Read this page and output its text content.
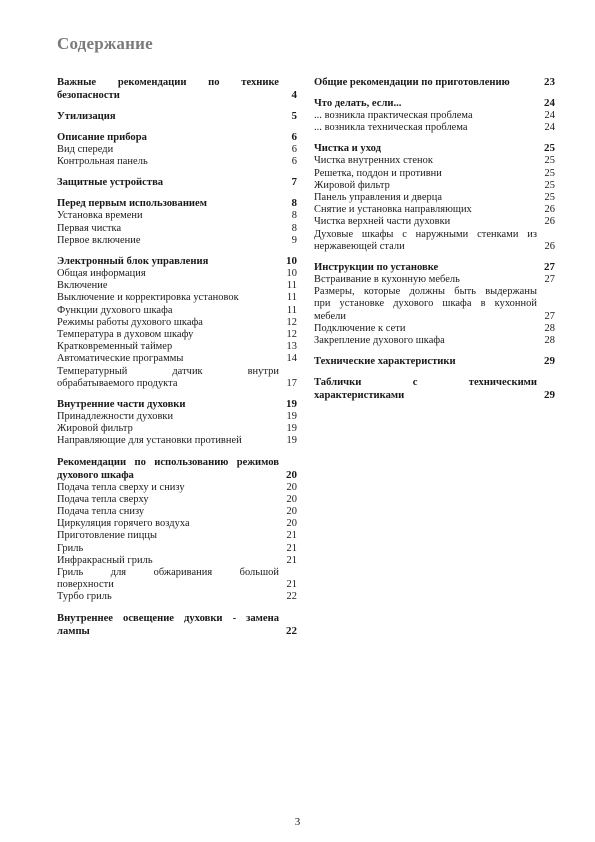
Содержание
Важные рекомендации по технике
безопасности	4
Утилизация	5
Описание прибора	6
Вид спереди	6
Контрольная панель	6
Защитные устройства	7
Перед первым использованием	8
Установка времени	8
Первая чистка	8
Первое включение	9
Электронный блок управления	10
Общая информация	10
Включение	11
Выключение и корректировка установок	11
Функции духового шкафа	11
Режимы работы духового шкафа	12
Температура в духовом шкафу	12
Кратковременный таймер	13
Автоматические программы	14
Температурный датчик внутри
обрабатываемого продукта	17
Внутренние части духовки	19
Принадлежности духовки	19
Жировой фильтр	19
Направляющие для установки противней	19
Рекомендации по использованию режимов
духового шкафа	20
Подача тепла сверху и снизу	20
Подача тепла сверху	20
Подача тепла снизу	20
Циркуляция горячего воздуха	20
Приготовление пиццы	21
Гриль	21
Инфракрасный гриль	21
Гриль для обжаривания большой
поверхности	21
Турбо гриль	22
Внутреннее освещение духовки - замена
лампы	22
Общие рекомендации по приготовлению	23
Что делать, если...	24
... возникла практическая проблема	24
... возникла техническая проблема	24
Чистка и уход	25
Чистка внутренних стенок	25
Решетка, поддон и противни	25
Жировой фильтр	25
Панель управления и дверца	25
Снятие и установка направляющих	26
Чистка верхней части духовки	26
Духовые шкафы с наружными стенками из
нержавеющей стали	26
Инструкции по установке	27
Встраивание в кухонную мебель	27
Размеры, которые должны быть выдержаны
при установке духового шкафа в кухонной
мебели	27
Подключение к сети	28
Закрепление духового шкафа	28
Технические характеристики	29
Таблички с техническими
характеристиками	29
3
